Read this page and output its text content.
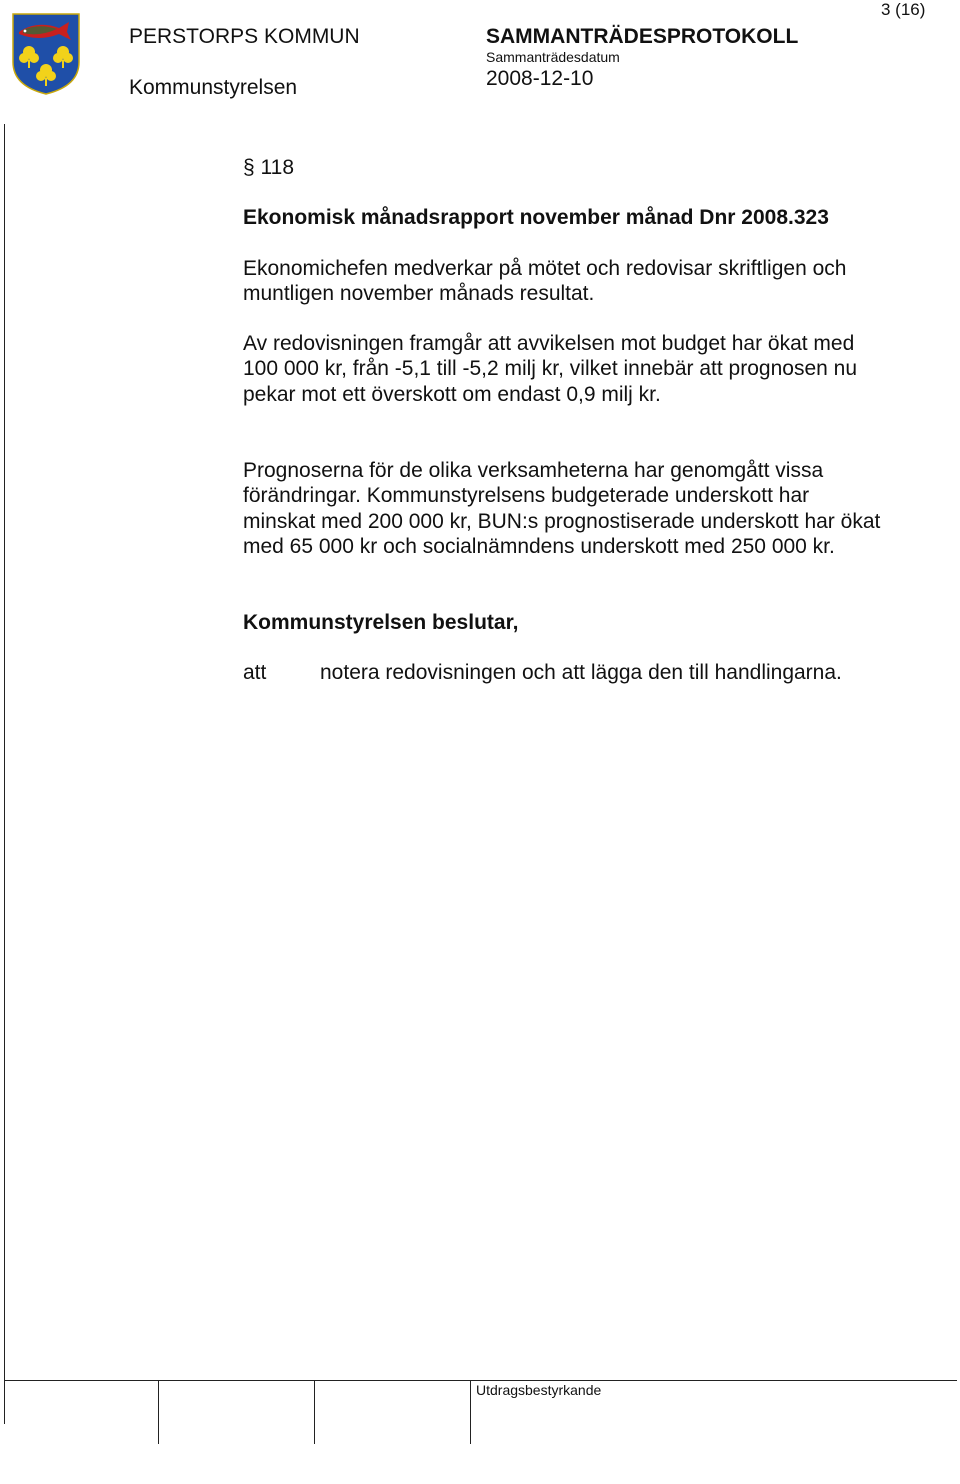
PERSTORPS KOMMUN
Kommunstyrelsen
SAMMANTRÄDESPROTOKOLL
Sammanträdesdatum
2008-12-10
3 (16)
§ 118
Ekonomisk månadsrapport november månad Dnr 2008.323
Ekonomichefen medverkar på mötet och redovisar skriftligen och muntligen november månads resultat.
Av redovisningen framgår att avvikelsen mot budget har ökat med 100 000 kr, från -5,1 till -5,2 milj kr, vilket innebär att prognosen nu pekar mot ett överskott om endast 0,9 milj kr.
Prognoserna för de olika verksamheterna har genomgått vissa förändringar. Kommunstyrelsens budgeterade underskott har minskat med 200 000 kr, BUN:s prognostiserade underskott har ökat med 65 000 kr och socialnämndens underskott med 250 000 kr.
Kommunstyrelsen beslutar,
att	notera redovisningen och att lägga den till handlingarna.
Utdragsbestyrkande
